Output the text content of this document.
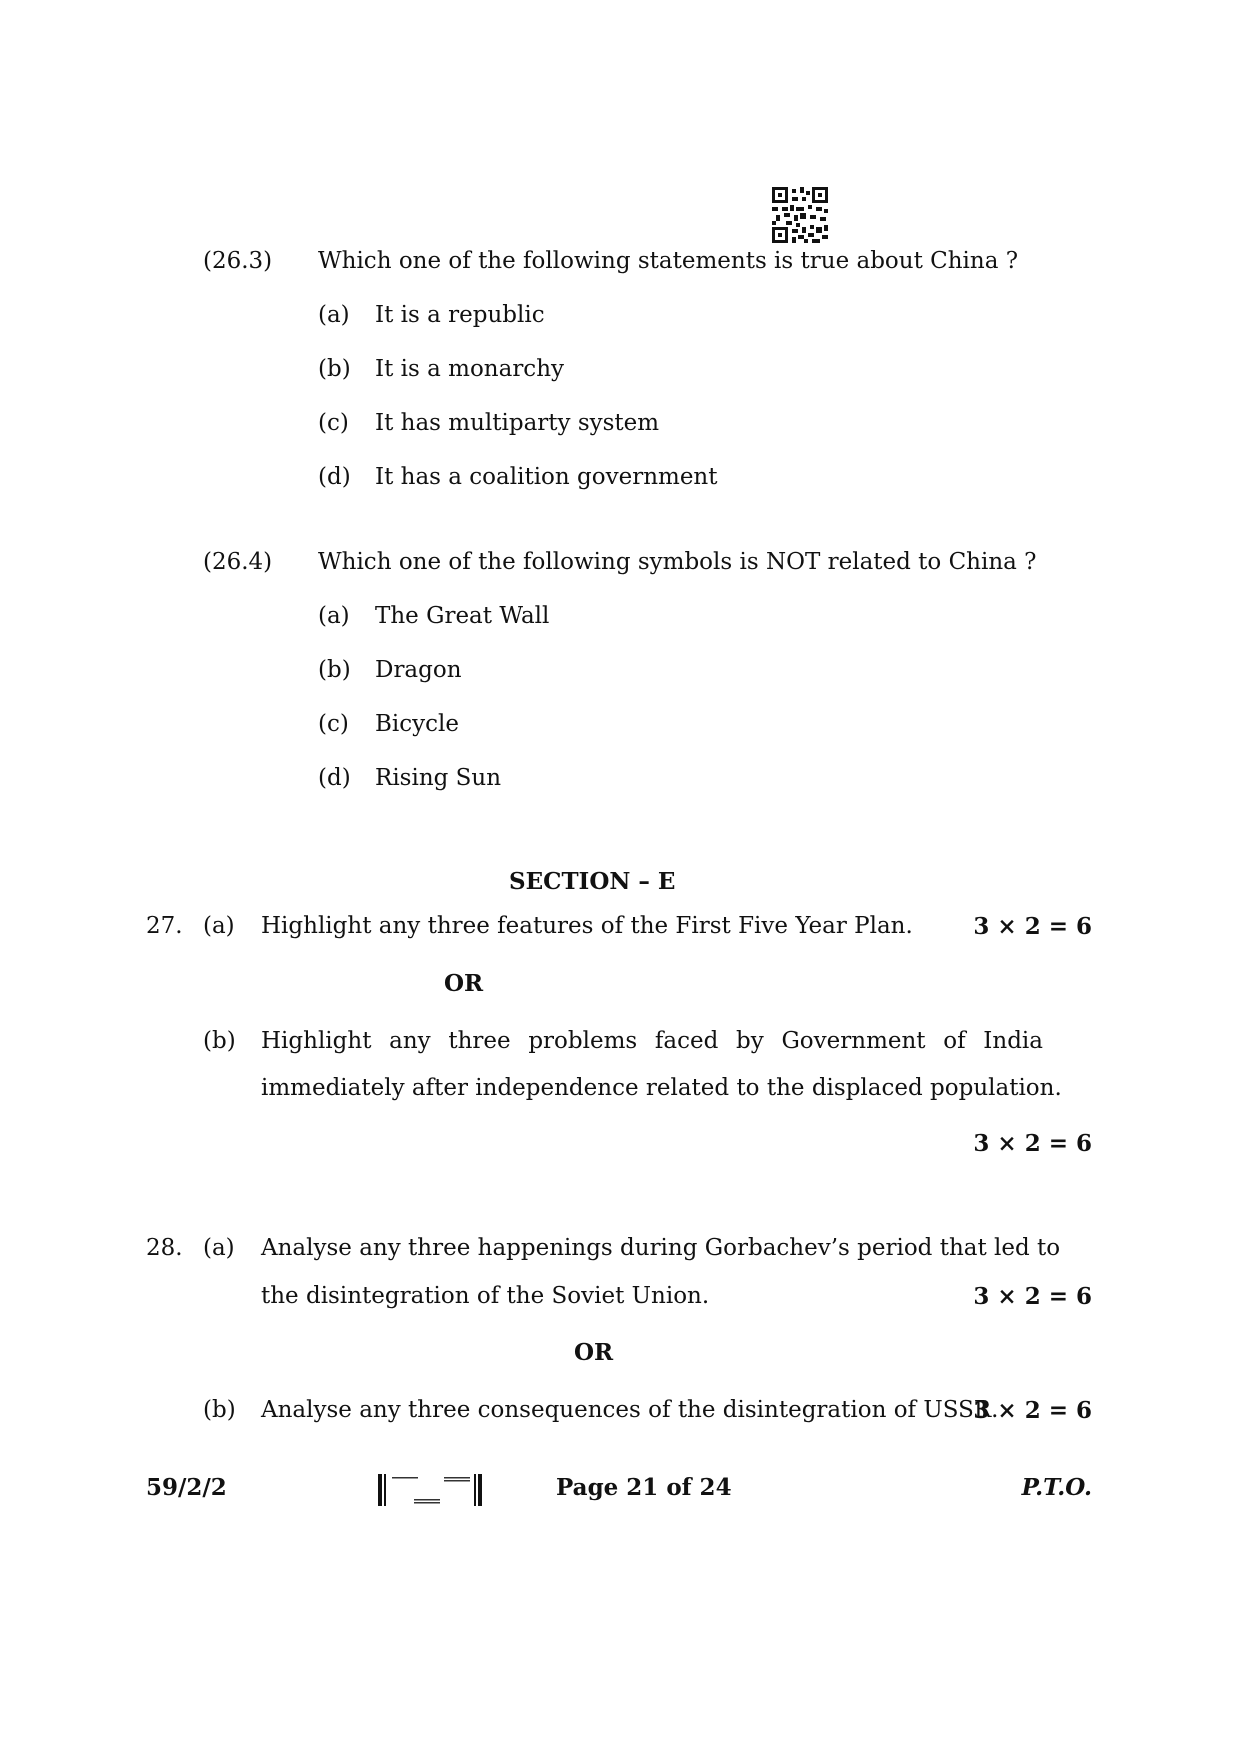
(26.3) Which one of the following statements is true about China ?
(a) It is a republic
(b) It is a monarchy
(c) It has multiparty system
(d) It has a coalition government
(26.4) Which one of the following symbols is NOT related to China ?
(a) The Great Wall
(b) Dragon
(c) Bicycle
(d) Rising Sun
SECTION – E
27. (a) Highlight any three features of the First Five Year Plan.	3 × 2 = 6
OR
(b) Highlight any three problems faced by Government of India
immediately after independence related to the displaced population.
3 × 2 = 6
28. (a) Analyse any three happenings during Gorbachev’s period that led to
the disintegration of the Soviet Union.	3 × 2 = 6
OR
(b) Analyse any three consequences of the disintegration of USSR.
3 × 2 = 6
59/2/2	Page 21 of 24	P.T.O.
